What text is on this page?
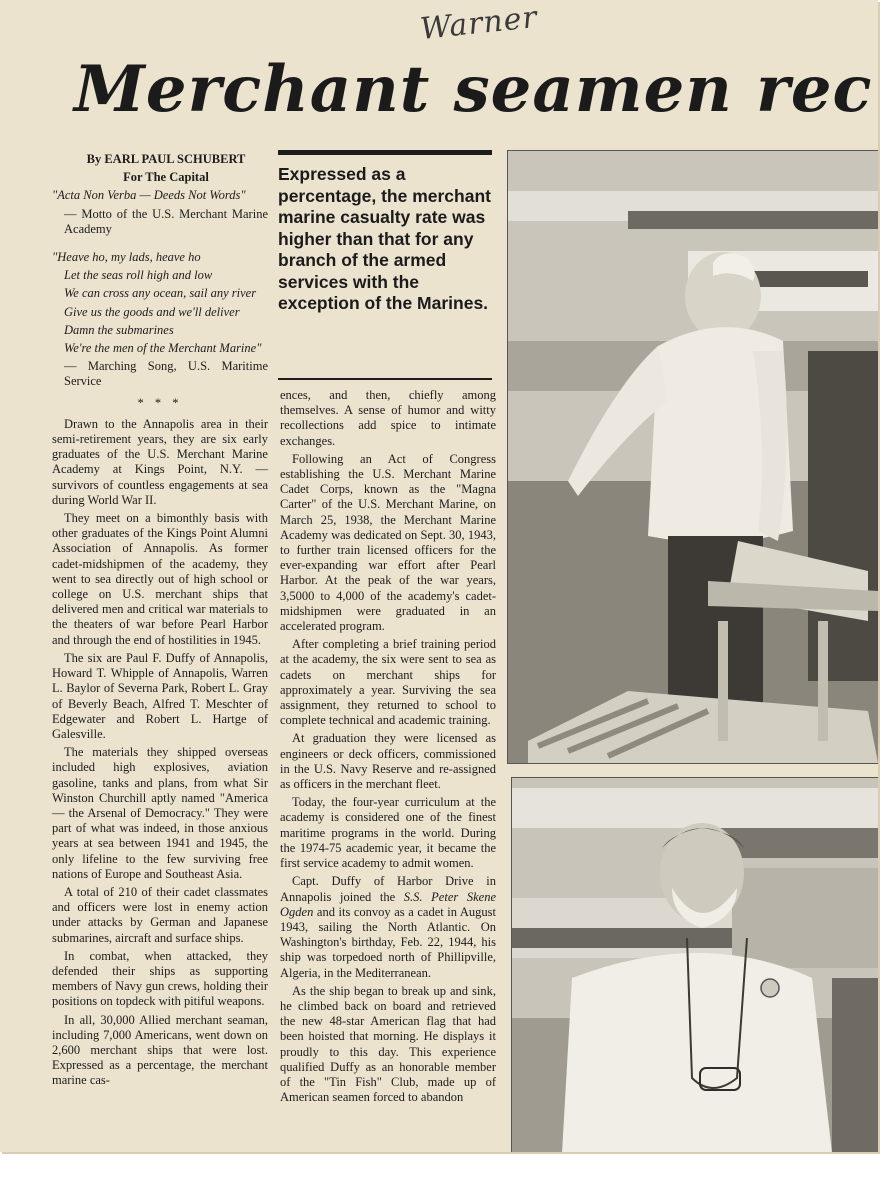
Warner
Merchant seamen rec

By EARL PAUL SCHUBERT

For The Capital

"Acta Non Verba — Deeds Not Words"

— Motto of the U.S. Merchant Marine Academy

"Heave ho, my lads, heave ho

Let the seas roll high and low

We can cross any ocean, sail any river

Give us the goods and we'll deliver

Damn the submarines

We're the men of the Merchant Marine"

— Marching Song, U.S. Maritime Service

* * *

Drawn to the Annapolis area in their semi-retirement years, they are six early graduates of the U.S. Merchant Marine Academy at Kings Point, N.Y. — survivors of countless engagements at sea during World War II.

They meet on a bimonthly basis with other graduates of the Kings Point Alumni Association of Annapolis. As former cadet-midshipmen of the academy, they went to sea directly out of high school or college on U.S. merchant ships that delivered men and critical war materials to the theaters of war before Pearl Harbor and through the end of hostilities in 1945.

The six are Paul F. Duffy of Annapolis, Howard T. Whipple of Annapolis, Warren L. Baylor of Severna Park, Robert L. Gray of Beverly Beach, Alfred T. Meschter of Edgewater and Robert L. Hartge of Galesville.

The materials they shipped overseas included high explosives, aviation gasoline, tanks and plans, from what Sir Winston Churchill aptly named "America — the Arsenal of Democracy." They were part of what was indeed, in those anxious years at sea between 1941 and 1945, the only lifeline to the few surviving free nations of Europe and Southeast Asia.

A total of 210 of their cadet classmates and officers were lost in enemy action under attacks by German and Japanese submarines, aircraft and surface ships.

In combat, when attacked, they defended their ships as supporting members of Navy gun crews, holding their positions on topdeck with pitiful weapons.

In all, 30,000 Allied merchant seaman, including 7,000 Americans, went down on 2,600 merchant ships that were lost. Expressed as a percentage, the merchant marine cas-

Expressed as a percentage, the merchant marine casualty rate was higher than that for any branch of the armed services with the exception of the Marines.

ences, and then, chiefly among themselves. A sense of humor and witty recollections add spice to intimate exchanges.

Following an Act of Congress establishing the U.S. Merchant Marine Cadet Corps, known as the "Magna Carter" of the U.S. Merchant Marine, on March 25, 1938, the Merchant Marine Academy was dedicated on Sept. 30, 1943, to further train licensed officers for the ever-expanding war effort after Pearl Harbor. At the peak of the war years, 3,5000 to 4,000 of the academy's cadet-midshipmen were graduated in an accelerated program.

After completing a brief training period at the academy, the six were sent to sea as cadets on merchant ships for approximately a year. Surviving the sea assignment, they returned to school to complete technical and academic training.

At graduation they were licensed as engineers or deck officers, commissioned in the U.S. Navy Reserve and re-assigned as officers in the merchant fleet.

Today, the four-year curriculum at the academy is considered one of the finest maritime programs in the world. During the 1974-75 academic year, it became the first service academy to admit women.

Capt. Duffy of Harbor Drive in Annapolis joined the S.S. Peter Skene Ogden and its convoy as a cadet in August 1943, sailing the North Atlantic. On Washington's birthday, Feb. 22, 1944, his ship was torpedoed north of Phillipville, Algeria, in the Mediterranean.

As the ship began to break up and sink, he climbed back on board and retrieved the new 48-star American flag that had been hoisted that morning. He displays it proudly to this day. This experience qualified Duffy as an honorable member of the "Tin Fish" Club, made up of American seamen forced to abandon
